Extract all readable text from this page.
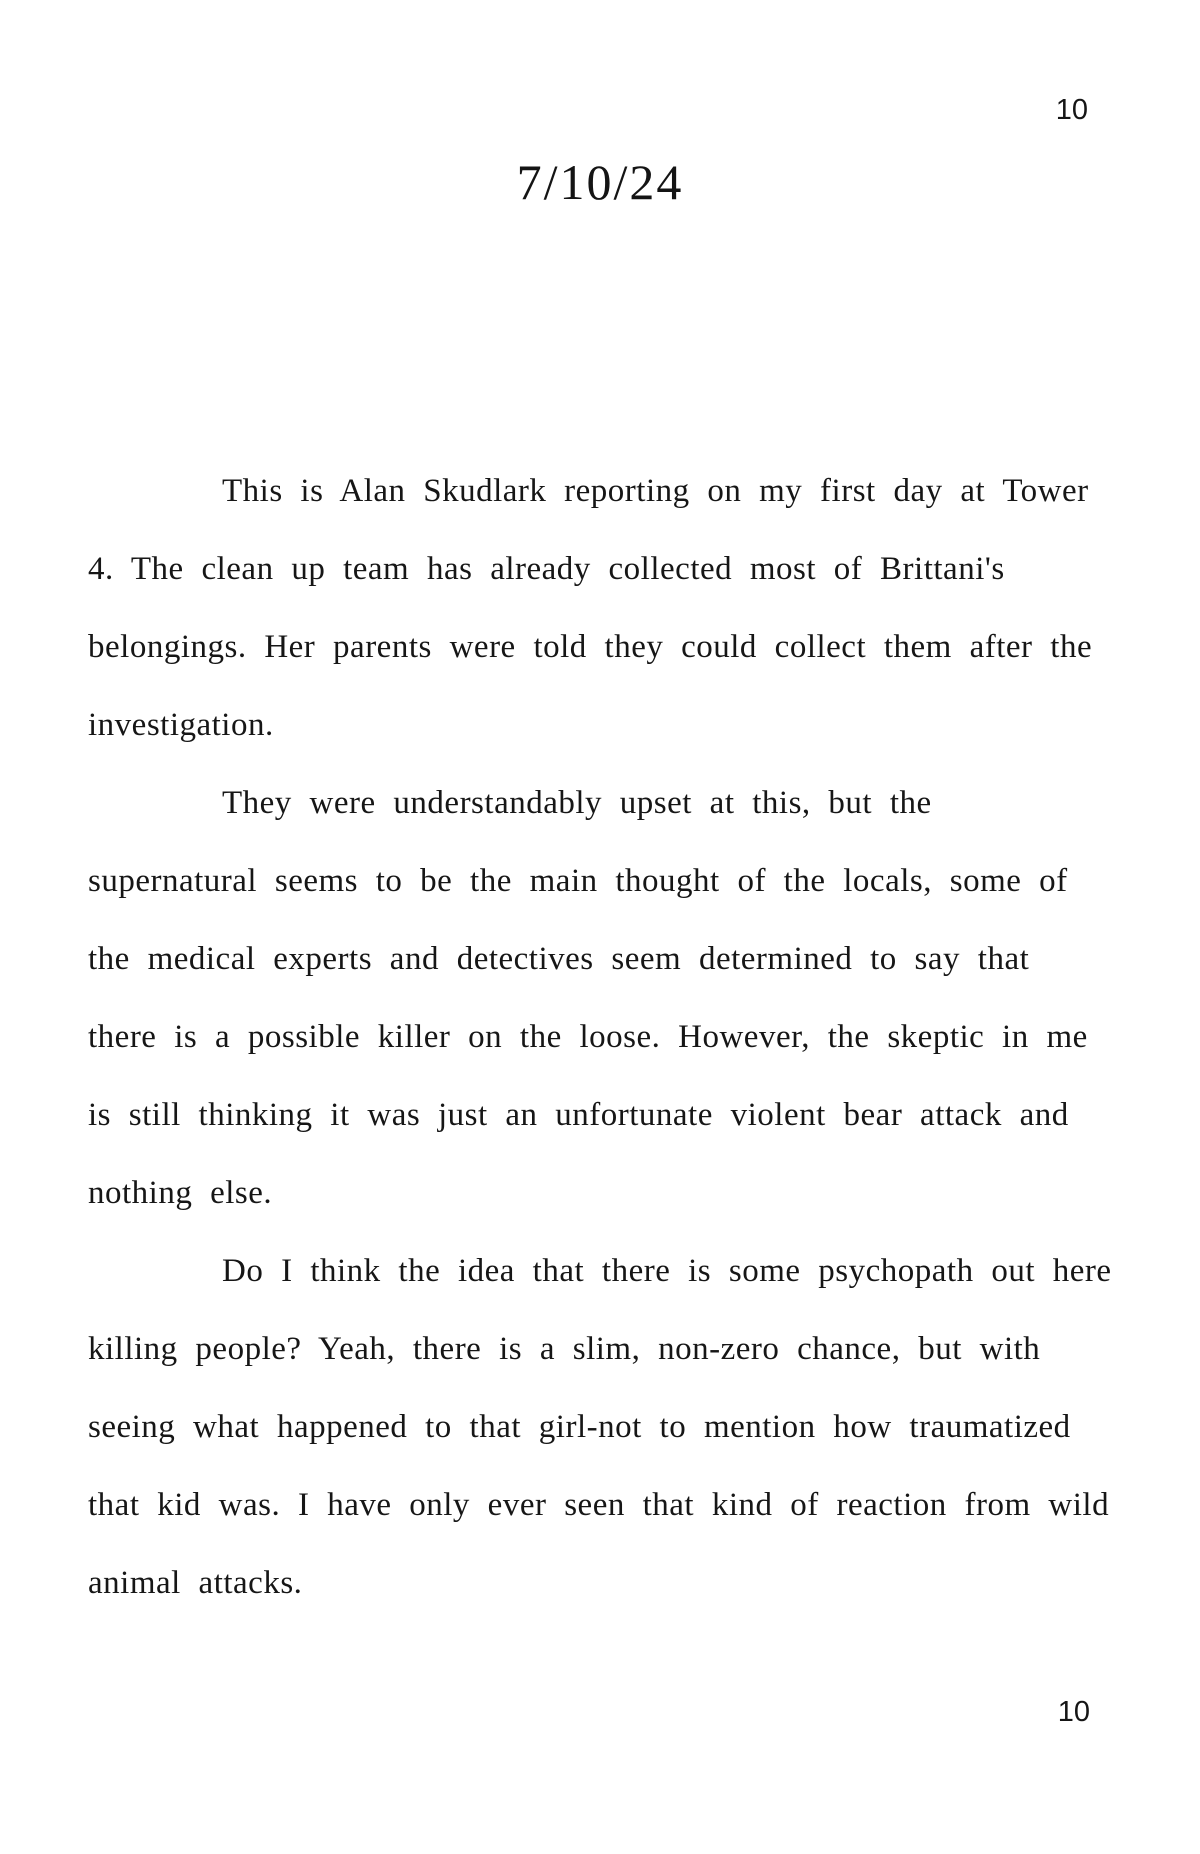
10
7/10/24

This is Alan Skudlark reporting on my first day at Tower 4. The clean up team has already collected most of Brittani's belongings. Her parents were told they could collect them after the investigation.

They were understandably upset at this, but the supernatural seems to be the main thought of the locals, some of the medical experts and detectives seem determined to say that there is a possible killer on the loose. However, the skeptic in me is still thinking it was just an unfortunate violent bear attack and nothing else.

Do I think the idea that there is some psychopath out here killing people? Yeah, there is a slim, non-zero chance, but with seeing what happened to that girl-not to mention how traumatized that kid was. I have only ever seen that kind of reaction from wild animal attacks.

10
